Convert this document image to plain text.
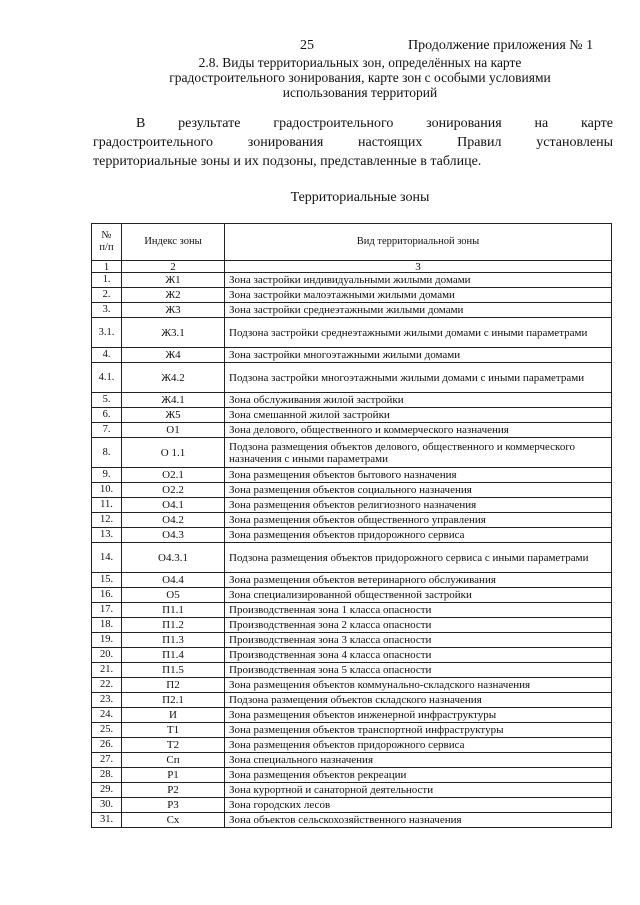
25	Продолжение приложения № 1
2.8. Виды территориальных зон, определённых на карте
градостроительного зонирования, карте зон с особыми условиями
использования территорий
В результате градостроительного зонирования на карте
градостроительного зонирования настоящих Правил установлены
территориальные зоны и их подзоны, представленные в таблице.
Территориальные зоны
№
п/п	Индекс зоны	Вид территориальной зоны
1	2	3
1.	Ж1	Зона застройки индивидуальными жилыми домами
2.	Ж2	Зона застройки малоэтажными жилыми домами
3.	Ж3	Зона застройки среднеэтажными жилыми домами
3.1.	Ж3.1	Подзона застройки среднеэтажными жилыми домами с иными параметрами
4.	Ж4	Зона застройки многоэтажными жилыми домами
4.1.	Ж4.2	Подзона застройки многоэтажными жилыми домами с иными параметрами
5.	Ж4.1	Зона обслуживания жилой застройки
6.	Ж5	Зона смешанной жилой застройки
7.	О1	Зона делового, общественного и коммерческого назначения
8.	О 1.1	Подзона размещения объектов делового, общественного и коммерческого назначения с иными параметрами
9.	О2.1	Зона размещения объектов бытового назначения
10.	О2.2	Зона размещения объектов социального назначения
11.	О4.1	Зона размещения объектов религиозного назначения
12.	О4.2	Зона размещения объектов общественного управления
13.	О4.3	Зона размещения объектов придорожного сервиса
14.	О4.3.1	Подзона размещения объектов придорожного сервиса с иными параметрами
15.	О4.4	Зона размещения объектов ветеринарного обслуживания
16.	О5	Зона специализированной общественной застройки
17.	П1.1	Производственная зона 1 класса опасности
18.	П1.2	Производственная зона 2 класса опасности
19.	П1.3	Производственная зона 3 класса опасности
20.	П1.4	Производственная зона 4 класса опасности
21.	П1.5	Производственная зона 5 класса опасности
22.	П2	Зона размещения объектов коммунально-складского назначения
23.	П2.1	Подзона размещения объектов складского назначения
24.	И	Зона размещения объектов инженерной инфраструктуры
25.	Т1	Зона размещения объектов транспортной инфраструктуры
26.	Т2	Зона размещения объектов придорожного сервиса
27.	Сп	Зона специального назначения
28.	Р1	Зона размещения объектов рекреации
29.	Р2	Зона курортной и санаторной деятельности
30.	Р3	Зона городских лесов
31.	Сх	Зона объектов сельскохозяйственного назначения
